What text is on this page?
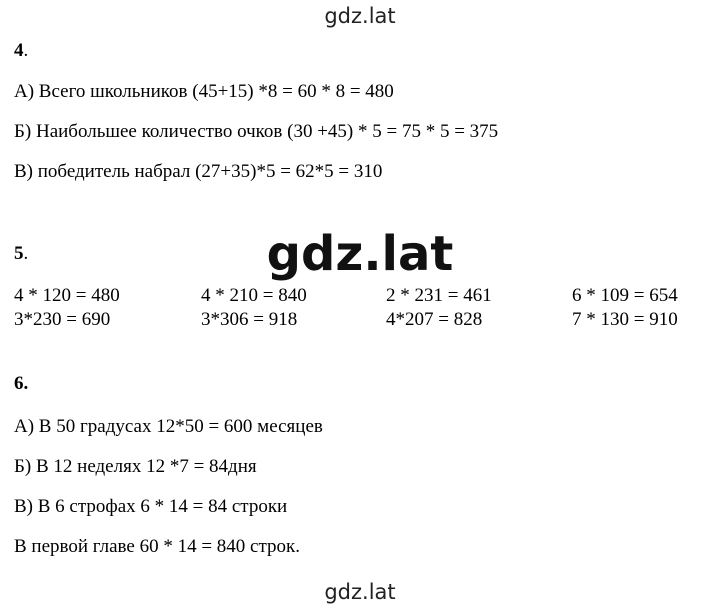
gdz.lat
4.
А) Всего школьников (45+15) *8 = 60 * 8 = 480
Б) Наибольшее количество очков (30 +45) * 5 = 75 * 5 = 375
В) победитель набрал (27+35)*5 = 62*5 = 310
gdz.lat
5.
4 * 120 = 480	4 * 210 = 840	2 * 231 = 461	6 * 109 = 654
3*230 = 690	3*306 = 918	4*207 = 828	7 * 130 = 910
6.
А) В 50 градусах 12*50 = 600 месяцев
Б) В 12 неделях 12 *7 = 84дня
В) В 6 строфах 6 * 14 = 84 строки
В первой главе 60 * 14 = 840 строк.
gdz.lat
